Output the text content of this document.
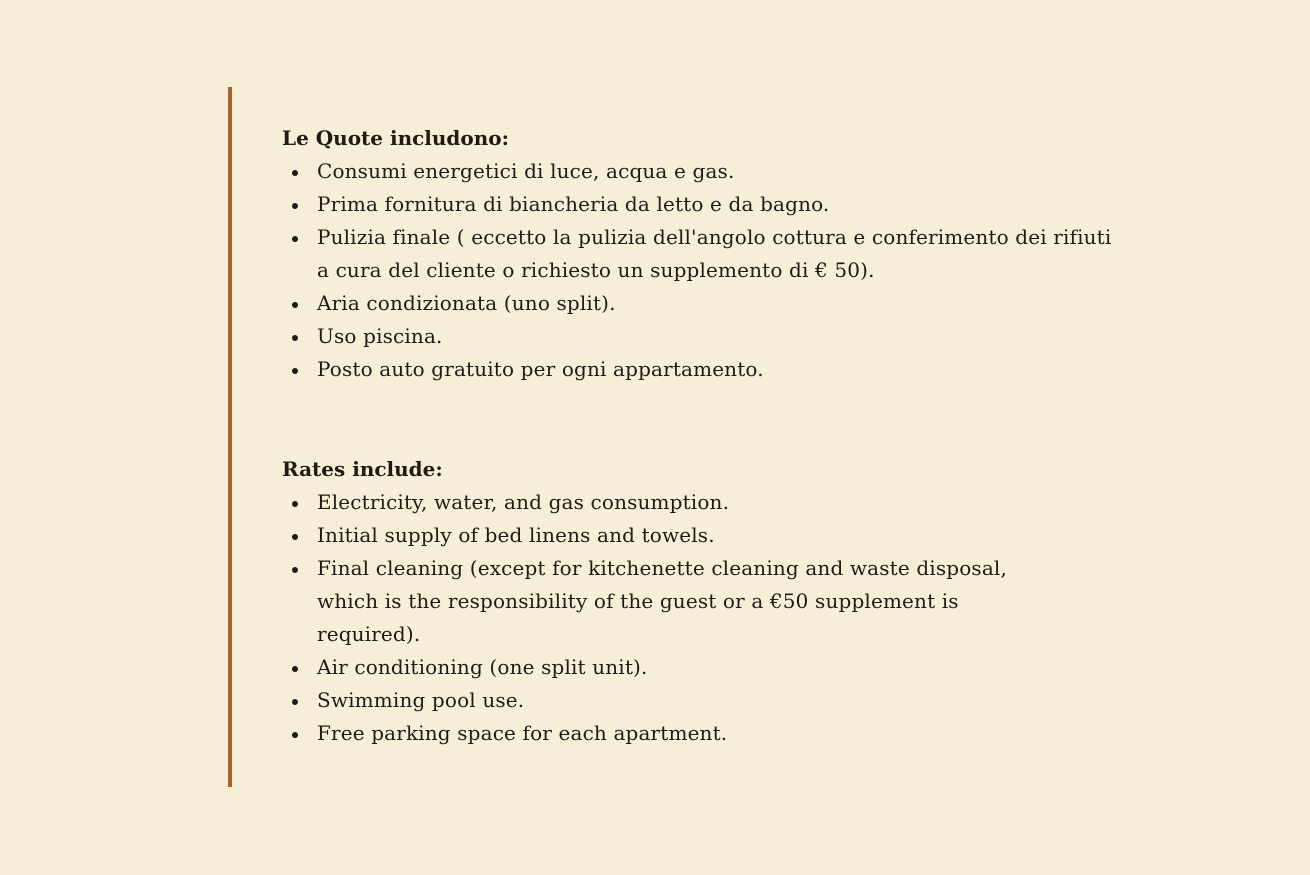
Le Quote includono:

Consumi energetici di luce, acqua e gas.
Prima fornitura di biancheria da letto e da bagno.
Pulizia finale ( eccetto la pulizia dell'angolo cottura e conferimento dei rifiuti a cura del cliente o richiesto un supplemento di € 50).
Aria condizionata (uno split).
Uso piscina.
Posto auto gratuito per ogni appartamento.

Rates include:

Electricity, water, and gas consumption.
Initial supply of bed linens and towels.
Final cleaning (except for kitchenette cleaning and waste disposal, which is the responsibility of the guest or a €50 supplement is required).
Air conditioning (one split unit).
Swimming pool use.
Free parking space for each apartment.
